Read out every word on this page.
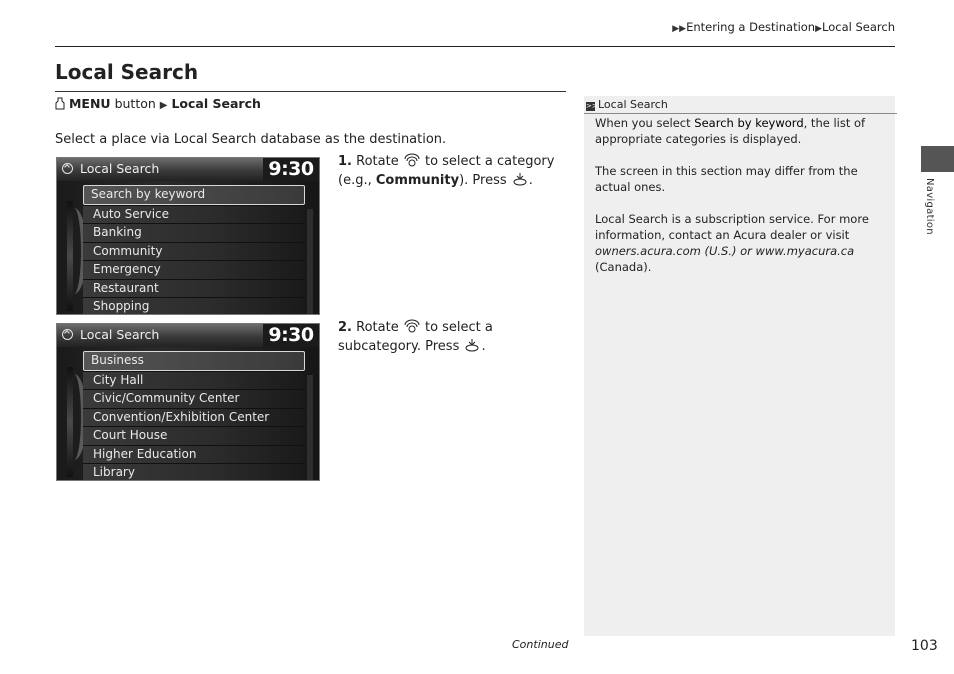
▶▶Entering a Destination▶Local Search
Local Search
MENU button ▶ Local Search
Select a place via Local Search database as the destination.
Local Search	9:30
Search by keyword
Auto Service
Banking
Community
Emergency
Restaurant
Shopping
Local Search	9:30
Business
City Hall
Civic/Community Center
Convention/Exhibition Center
Court House
Higher Education
Library
1. Rotate to select a category (e.g., Community). Press .
2. Rotate to select a subcategory. Press .
>>Local Search

When you select Search by keyword, the list of appropriate categories is displayed.

The screen in this section may differ from the actual ones.

Local Search is a subscription service. For more information, contact an Acura dealer or visit owners.acura.com (U.S.) or www.myacura.ca (Canada).

Navigation
Continued	103
